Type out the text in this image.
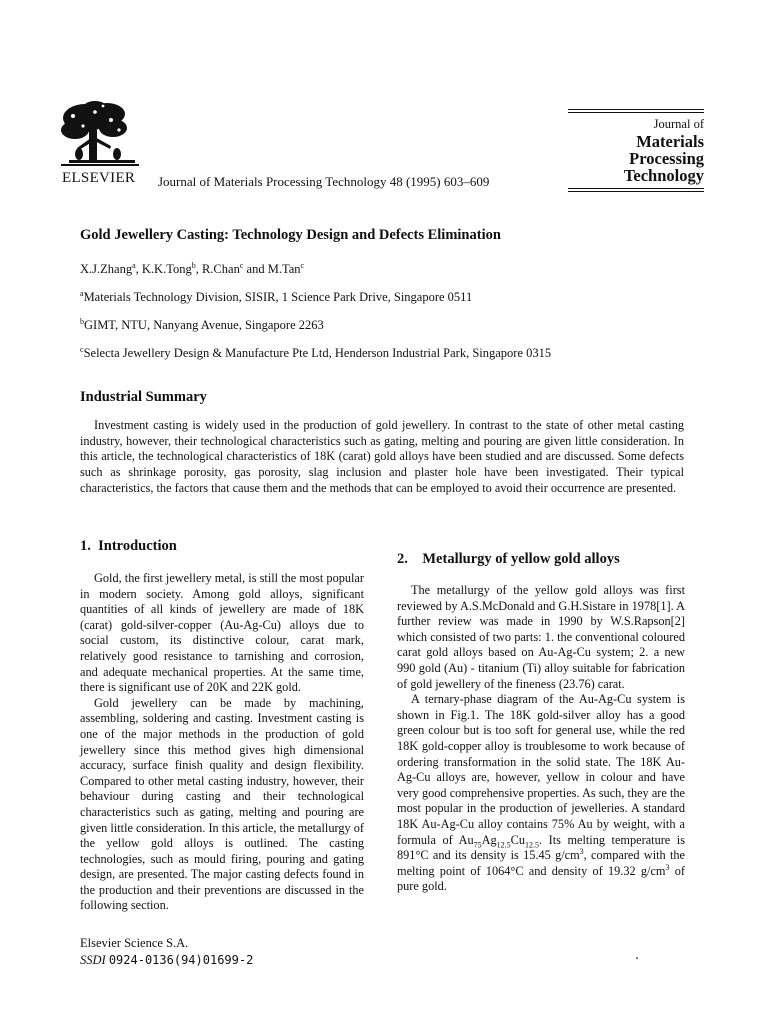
ELSEVIER Journal of Materials Processing Technology 48 (1995) 603–609
Journal of
Materials
Processing
Technology
Gold Jewellery Casting: Technology Design and Defects Elimination
X.J.Zhang$^a$, K.K.Tong$^b$, R.Chan$^c$ and M.Tan$^c$
$^a$Materials Technology Division, SISIR, 1 Science Park Drive, Singapore 0511
$^b$GIMT, NTU, Nanyang Avenue, Singapore 2263
$^c$Selecta Jewellery Design & Manufacture Pte Ltd, Henderson Industrial Park, Singapore 0315
Industrial Summary

Investment casting is widely used in the production of gold jewellery. In contrast to the state of other metal casting industry, however, their technological characteristics such as gating, melting and pouring are given little consideration. In this article, the technological characteristics of 18K (carat) gold alloys have been studied and are discussed. Some defects such as shrinkage porosity, gas porosity, slag inclusion and plaster hole have been investigated. Their typical characteristics, the factors that cause them and the methods that can be employed to avoid their occurrence are presented.

1. Introduction

Gold, the first jewellery metal, is still the most popular in modern society. Among gold alloys, significant quantities of all kinds of jewellery are made of 18K (carat) gold-silver-copper (Au-Ag-Cu) alloys due to social custom, its distinctive colour, carat mark, relatively good resistance to tarnishing and corrosion, and adequate mechanical properties. At the same time, there is significant use of 20K and 22K gold.

Gold jewellery can be made by machining, assembling, soldering and casting. Investment casting is one of the major methods in the production of gold jewellery since this method gives high dimensional accuracy, surface finish quality and design flexibility. Compared to other metal casting industry, however, their behaviour during casting and their technological characteristics such as gating, melting and pouring are given little consideration. In this article, the metallurgy of the yellow gold alloys is outlined. The casting technologies, such as mould firing, pouring and gating design, are presented. The major casting defects found in the production and their preventions are discussed in the following section.

2. Metallurgy of yellow gold alloys

The metallurgy of the yellow gold alloys was first reviewed by A.S.McDonald and G.H.Sistare in 1978[1]. A further review was made in 1990 by W.S.Rapson[2] which consisted of two parts: 1. the conventional coloured carat gold alloys based on Au-Ag-Cu system; 2. a new 990 gold (Au) - titanium (Ti) alloy suitable for fabrication of gold jewellery of the fineness (23.76) carat.

A ternary-phase diagram of the Au-Ag-Cu system is shown in Fig.1. The 18K gold-silver alloy has a good green colour but is too soft for general use, while the red 18K gold-copper alloy is troublesome to work because of ordering transformation in the solid state. The 18K Au-Ag-Cu alloys are, however, yellow in colour and have very good comprehensive properties. As such, they are the most popular in the production of jewelleries. A standard 18K Au-Ag-Cu alloy contains 75% Au by weight, with a formula of $Au_{75}Ag_{12.5}Cu_{12.5}$. Its melting temperature is 891°C and its density is 15.45 $g/cm^3$, compared with the melting point of 1064°C and density of 19.32 $g/cm^3$ of pure gold.

Elsevier Science S.A.
SSDI 0924-0136(94)01699-2
